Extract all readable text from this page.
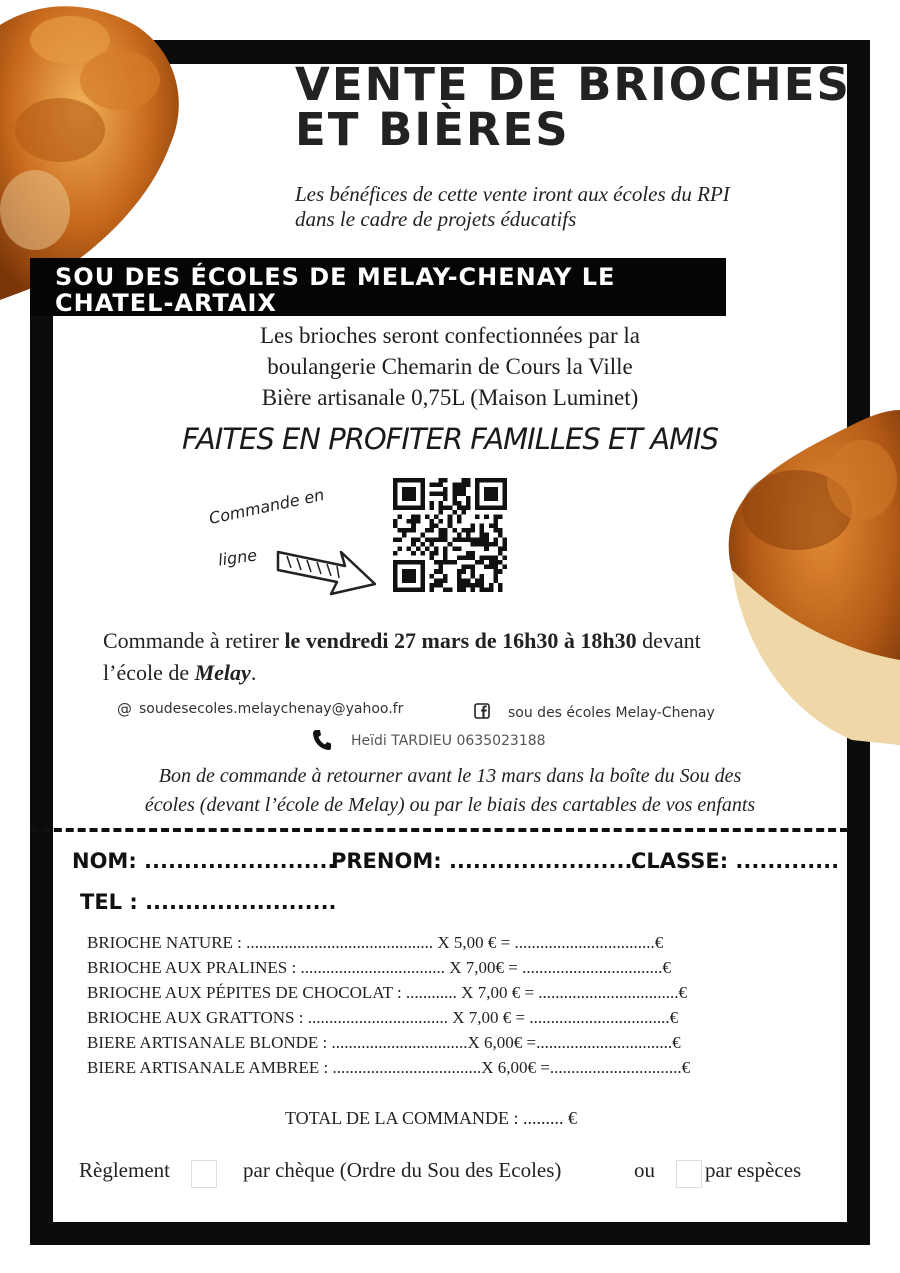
VENTE DE BRIOCHES
ET BIÈRES
Les bénéfices de cette vente iront aux écoles du RPI
dans le cadre de projets éducatifs
SOU DES ÉCOLES DE MELAY-CHENAY LE
CHATEL-ARTAIX
Les brioches seront confectionnées par la
boulangerie Chemarin de Cours la Ville
Bière artisanale 0,75L (Maison Luminet)
FAITES EN PROFITER FAMILLES ET AMIS
Commande en
ligne
Commande à retirer le vendredi 27 mars de 16h30 à 18h30 devant l’école de Melay.
@ soudesecoles.melaychenay@yahoo.fr	sou des écoles Melay-Chenay
Heïdi TARDIEU 0635023188
Bon de commande à retourner avant le 13 mars dans la boîte du Sou des
écoles (devant l’école de Melay) ou par le biais des cartables de vos enfants
NOM: ........................
PRENOM: ........................
CLASSE: .............
TEL : ........................
BRIOCHE NATURE : ............................................ X 5,00 € = .................................€
BRIOCHE AUX PRALINES : .................................. X 7,00€ = .................................€
BRIOCHE AUX PÉPITES DE CHOCOLAT : ............ X 7,00 € = .................................€
BRIOCHE AUX GRATTONS : ................................. X 7,00 € = .................................€
BIERE ARTISANALE BLONDE : ................................X 6,00€ =................................€
BIERE ARTISANALE AMBREE : ...................................X 6,00€ =...............................€
TOTAL DE LA COMMANDE : ......... €
Règlement	par chèque (Ordre du Sou des Ecoles)	ou par espèces
